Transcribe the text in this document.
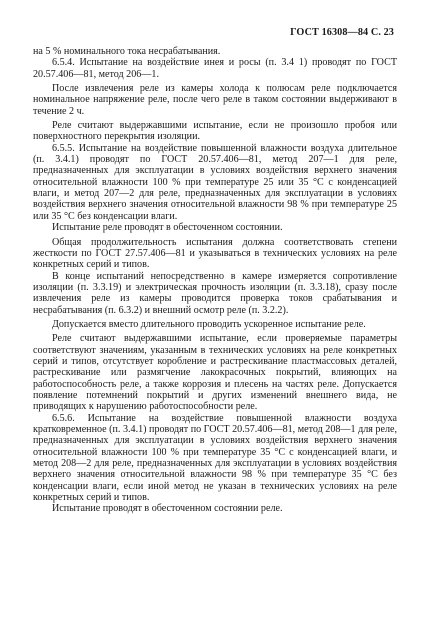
ГОСТ 16308—84 С. 23

на 5 % номинального тока несрабатывания.

6.5.4. Испытание на воздействие инея и росы (п. 3.4 1) проводят по ГОСТ 20.57.406—81, метод 206—1.

После извлечения реле из камеры холода к полюсам реле подключается номинальное напряжение реле, после чего реле в таком состоянии выдерживают в течение 2 ч.

Реле считают выдержавшими испытание, если не произошло пробоя или поверхностного перекрытия изоляции.

6.5.5. Испытание на воздействие повышенной влажности воздуха длительное (п. 3.4.1) проводят по ГОСТ 20.57.406—81, метод 207—1 для реле, предназначенных для эксплуатации в условиях воздействия верхнего значения относительной влажности 100 % при температуре 25 или 35 °С с конденсацией влаги, и метод 207—2 для реле, предназначенных для эксплуатации в условиях воздействия верхнего значения относительной влажности 98 % при температуре 25 или 35 °С без конденсации влаги.

Испытание реле проводят в обесточенном состоянии.

Общая продолжительность испытания должна соответствовать степени жесткости по ГОСТ 27.57.406—81 и указываться в технических условиях на реле конкретных серий и типов.

В конце испытаний непосредственно в камере измеряется сопротивление изоляции (п. 3.3.19) и электрическая прочность изоляции (п. 3.3.18), сразу после извлечения реле из камеры проводится проверка токов срабатывания и несрабатывания (п. 6.3.2) и внешний осмотр реле (п. 3.2.2).

Допускается вместо длительного проводить ускоренное испытание реле.

Реле считают выдержавшими испытание, если проверяемые параметры соответствуют значениям, указанным в технических условиях на реле конкретных серий и типов, отсутствует коробление и растрескивание пластмассовых деталей, растрескивание или размягчение лакокрасочных покрытий, влияющих на работоспособность реле, а также коррозия и плесень на частях реле. Допускается появление потемнений покрытий и других изменений внешнего вида, не приводящих к нарушению работоспособности реле.

6.5.6. Испытание на воздействие повышенной влажности воздуха кратковременное (п. 3.4.1) проводят по ГОСТ 20.57.406—81, метод 208—1 для реле, предназначенных для эксплуатации в условиях воздействия верхнего значения относительной влажности 100 % при температуре 35 °С с конденсацией влаги, и метод 208—2 для реле, предназначенных для эксплуатации в условиях воздействия верхнего значения относительной влажности 98 % при температуре 35 °С без конденсации влаги, если иной метод не указан в технических условиях на реле конкретных серий и типов.

Испытание проводят в обесточенном состоянии реле.
